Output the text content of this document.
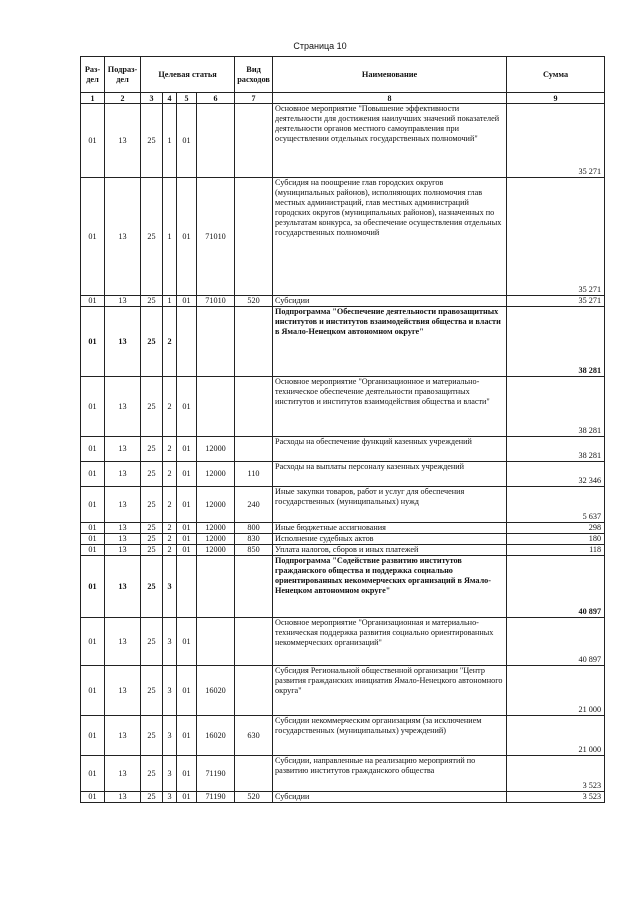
Страница 10
Раз-дел	Подраз-дел	Целевая статья				Вид расходов	Наименование	Сумма
1	2	3	4	5	6	7	8	9
01	13	25	1	01			Основное мероприятие "Повышение эффективности деятельности для достижения наилучших значений показателей деятельности органов местного самоуправления при осуществлении отдельных государственных полномочий"	35 271
01	13	25	1	01	71010		Субсидия на поощрение глав городских округов (муниципальных районов), исполняющих полномочия глав местных администраций, глав местных администраций городских округов (муниципальных районов), назначенных по результатам конкурса, за обеспечение осуществления отдельных государственных полномочий	35 271
01	13	25	1	01	71010	520	Субсидии	35 271
01	13	25	2				Подпрограмма "Обеспечение деятельности правозащитных институтов и институтов взаимодействия общества и власти в Ямало-Ненецком автономном округе"	38 281
01	13	25	2	01			Основное мероприятие "Организационное и материально-техническое обеспечение деятельности правозащитных институтов и институтов взаимодействия общества и власти"	38 281
01	13	25	2	01	12000		Расходы на обеспечение функций казенных учреждений	38 281
01	13	25	2	01	12000	110	Расходы на выплаты персоналу казенных учреждений	32 346
01	13	25	2	01	12000	240	Иные закупки товаров, работ и услуг для обеспечения государственных (муниципальных) нужд	5 637
01	13	25	2	01	12000	800	Иные бюджетные ассигнования	298
01	13	25	2	01	12000	830	Исполнение судебных актов	180
01	13	25	2	01	12000	850	Уплата налогов, сборов и иных платежей	118
01	13	25	3				Подпрограмма "Содействие развитию институтов гражданского общества и поддержка социально ориентированных некоммерческих организаций в Ямало-Ненецком автономном округе"	40 897
01	13	25	3	01			Основное мероприятие "Организационная и материально-техническая поддержка развития социально ориентированных некоммерческих организаций"	40 897
01	13	25	3	01	16020		Субсидия Региональной общественной организации "Центр развития гражданских инициатив Ямало-Ненецкого автономного округа"	21 000
01	13	25	3	01	16020	630	Субсидии некоммерческим организациям (за исключением государственных (муниципальных) учреждений)	21 000
01	13	25	3	01	71190		Субсидии, направленные на реализацию мероприятий по развитию институтов гражданского общества	3 523
01	13	25	3	01	71190	520	Субсидии	3 523
